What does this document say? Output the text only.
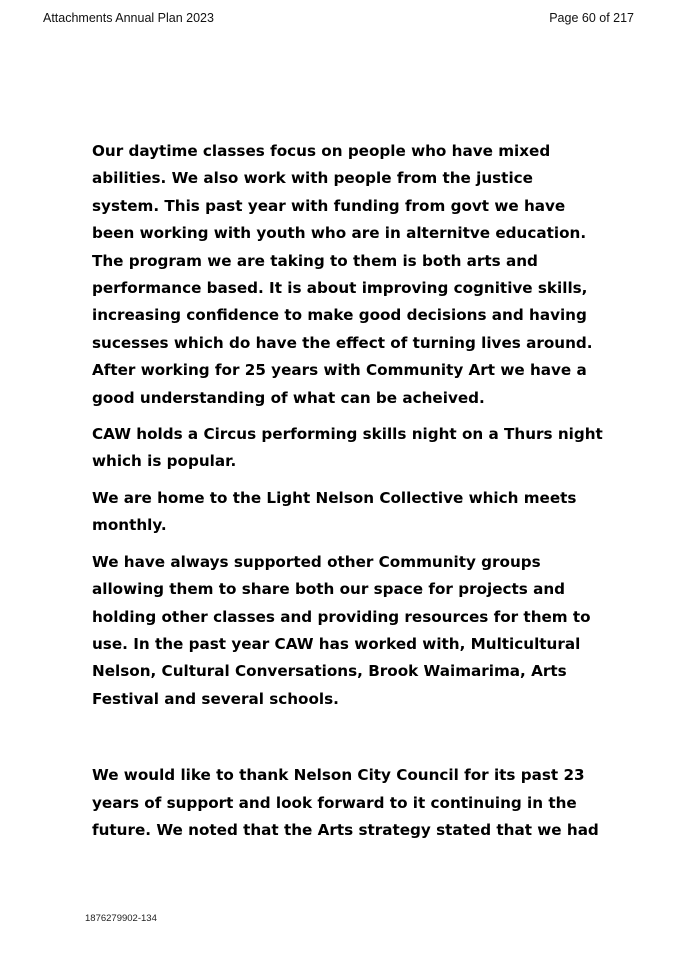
Attachments Annual Plan 2023	Page 60 of 217

Our daytime classes focus on people who have mixed
abilities. We also work with people from the justice
system. This past year with funding from govt we have
been working with youth who are in alternitve education.
The program we are taking to them is both arts and
performance based. It is about improving cognitive skills,
increasing confidence to make good decisions and having
sucesses which do have the effect of turning lives around.
After working for 25 years with Community Art we have a
good understanding of what can be acheived.

CAW holds a Circus performing skills night on a Thurs night
which is popular.

We are home to the Light Nelson Collective which meets
monthly.

We have always supported other Community groups
allowing them to share both our space for projects and
holding other classes and providing resources for them to
use. In the past year CAW has worked with, Multicultural
Nelson, Cultural Conversations, Brook Waimarima, Arts
Festival and several schools.

We would like to thank Nelson City Council for its past 23
years of support and look forward to it continuing in the
future. We noted that the Arts strategy stated that we had

1876279902-134
